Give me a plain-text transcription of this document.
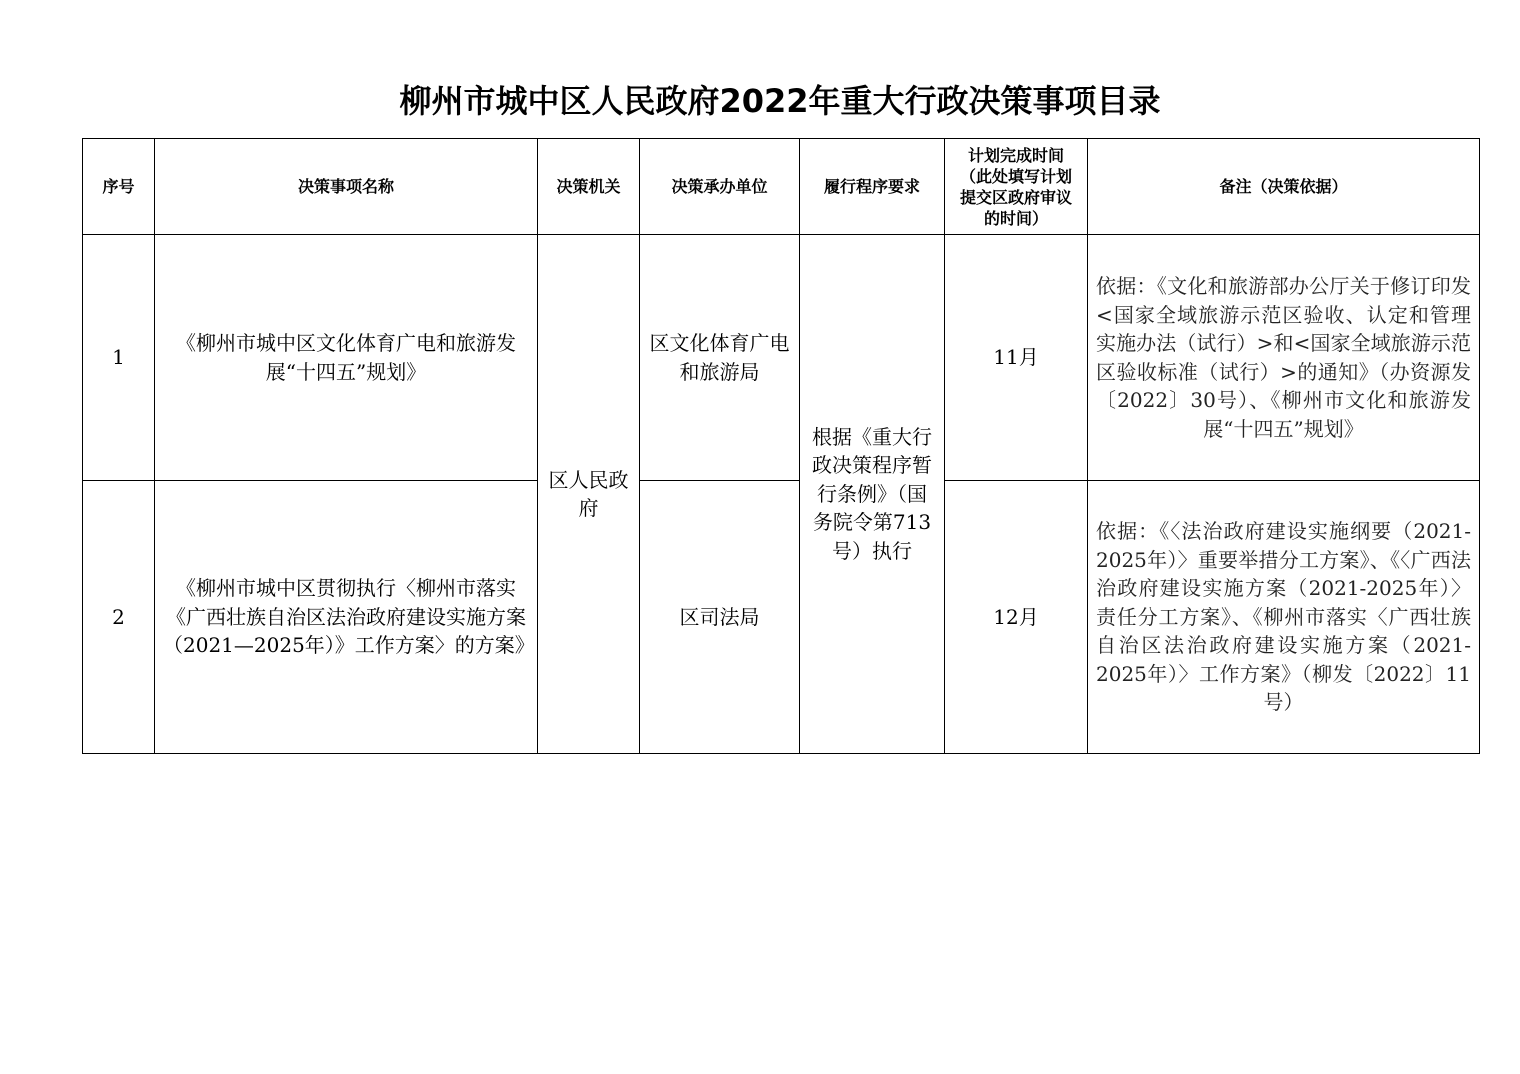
柳州市城中区人民政府2022年重大行政决策事项目录
序号	决策事项名称	决策机关	决策承办单位	履行程序要求	计划完成时间（此处填写计划提交区政府审议的时间）	备注（决策依据）
1	《柳州市城中区文化体育广电和旅游发展“十四五”规划》	区人民政府	区文化体育广电和旅游局	根据《重大行政决策程序暂行条例》（国务院令第713号）执行	11月	依据：《文化和旅游部办公厅关于修订印发<国家全域旅游示范区验收、认定和管理实施办法（试行）>和<国家全域旅游示范区验收标准（试行）>的通知》（办资源发〔2022〕30号）、《柳州市文化和旅游发展“十四五”规划》
2	《柳州市城中区贯彻执行〈柳州市落实《广西壮族自治区法治政府建设实施方案（2021—2025年）》工作方案〉的方案》		区司法局		12月	依据：《〈法治政府建设实施纲要（2021-2025年）〉重要举措分工方案》、《〈广西法治政府建设实施方案（2021-2025年）〉责任分工方案》、《柳州市落实〈广西壮族自治区法治政府建设实施方案（2021-2025年）〉工作方案》（柳发〔2022〕11号）
